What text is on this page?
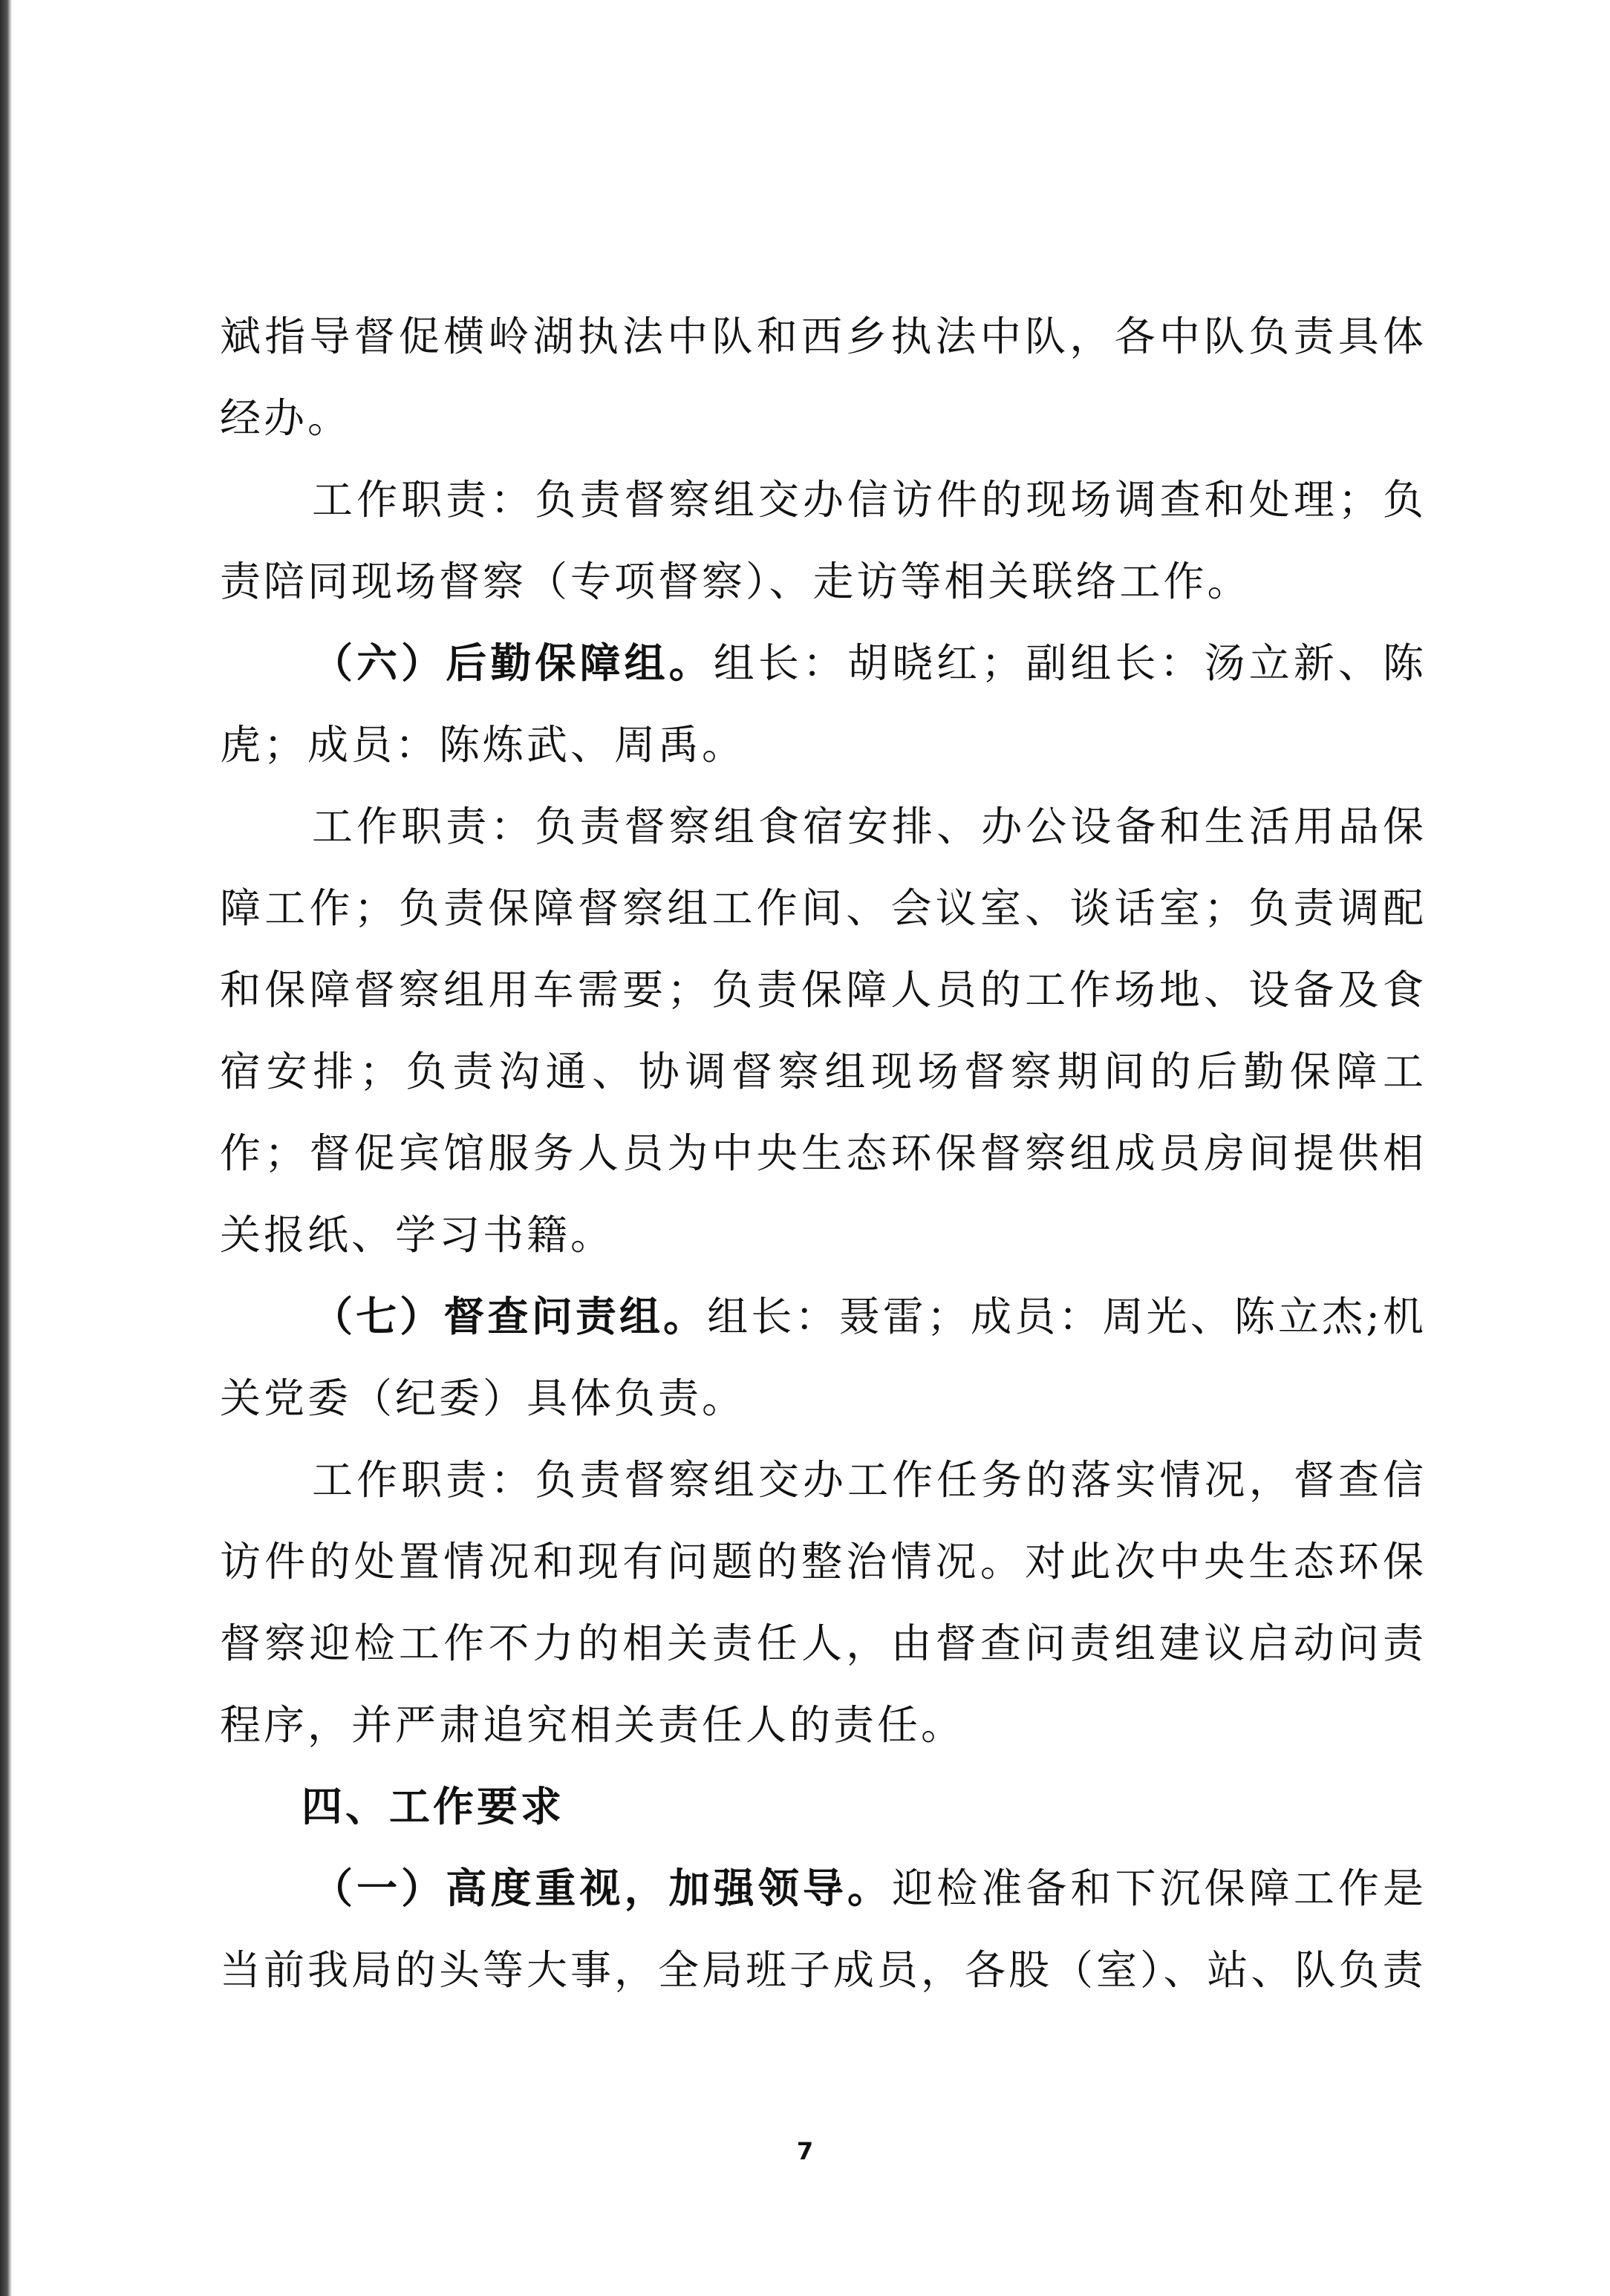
斌指导督促横岭湖执法中队和西乡执法中队，各中队负责具体经办。

工作职责：负责督察组交办信访件的现场调查和处理；负责陪同现场督察（专项督察）、走访等相关联络工作。

（六）后勤保障组。组长：胡晓红；副组长：汤立新、陈虎；成员：陈炼武、周禹。

工作职责：负责督察组食宿安排、办公设备和生活用品保障工作；负责保障督察组工作间、会议室、谈话室；负责调配和保障督察组用车需要；负责保障人员的工作场地、设备及食宿安排；负责沟通、协调督察组现场督察期间的后勤保障工作；督促宾馆服务人员为中央生态环保督察组成员房间提供相关报纸、学习书籍。

（七）督查问责组。组长：聂雷；成员：周光、陈立杰;机关党委（纪委）具体负责。

工作职责：负责督察组交办工作任务的落实情况，督查信访件的处置情况和现有问题的整治情况。对此次中央生态环保督察迎检工作不力的相关责任人，由督查问责组建议启动问责程序，并严肃追究相关责任人的责任。

四、工作要求

（一）高度重视，加强领导。迎检准备和下沉保障工作是当前我局的头等大事，全局班子成员，各股（室）、站、队负责

7
